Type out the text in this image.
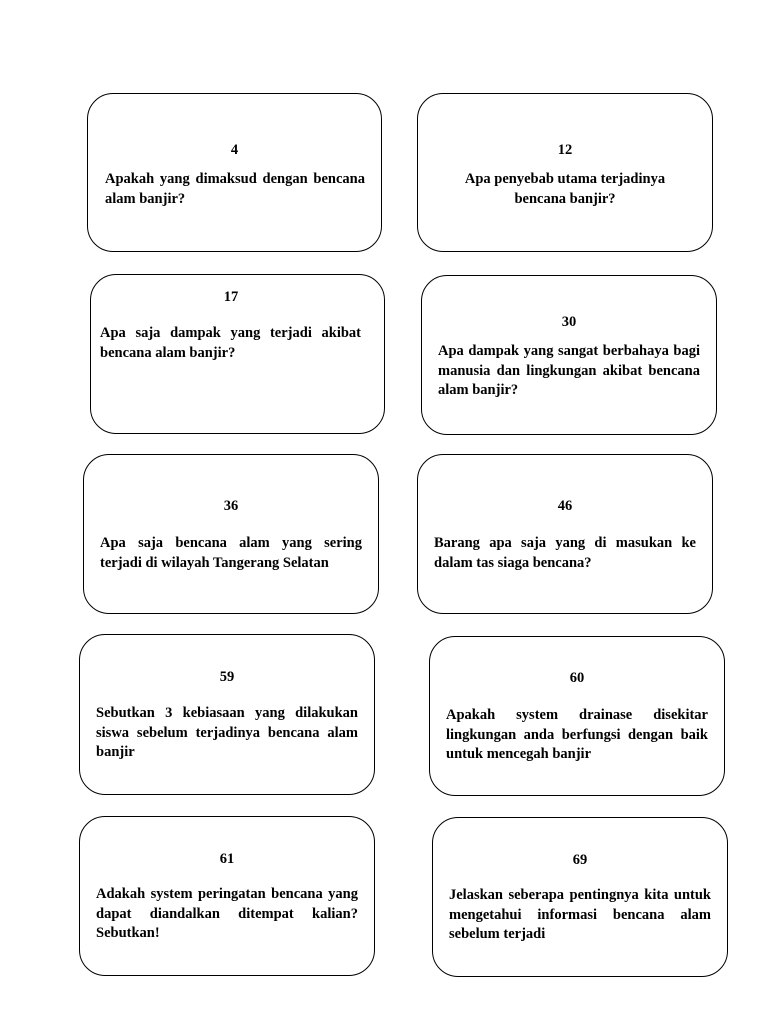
4
Apakah yang dimaksud dengan bencana alam banjir?
12
Apa penyebab utama terjadinya bencana banjir?
17
Apa saja dampak yang terjadi akibat bencana alam banjir?
30
Apa dampak yang sangat berbahaya bagi manusia dan lingkungan akibat bencana alam banjir?
36
Apa saja bencana alam yang sering terjadi di wilayah Tangerang Selatan
46
Barang apa saja yang di masukan ke dalam tas siaga bencana?
59
Sebutkan 3 kebiasaan yang dilakukan siswa sebelum terjadinya bencana alam banjir
60
Apakah system drainase disekitar lingkungan anda berfungsi dengan baik untuk mencegah banjir
61
Adakah system peringatan bencana yang dapat diandalkan ditempat kalian? Sebutkan!
69
Jelaskan seberapa pentingnya kita untuk mengetahui informasi bencana alam sebelum terjadi
